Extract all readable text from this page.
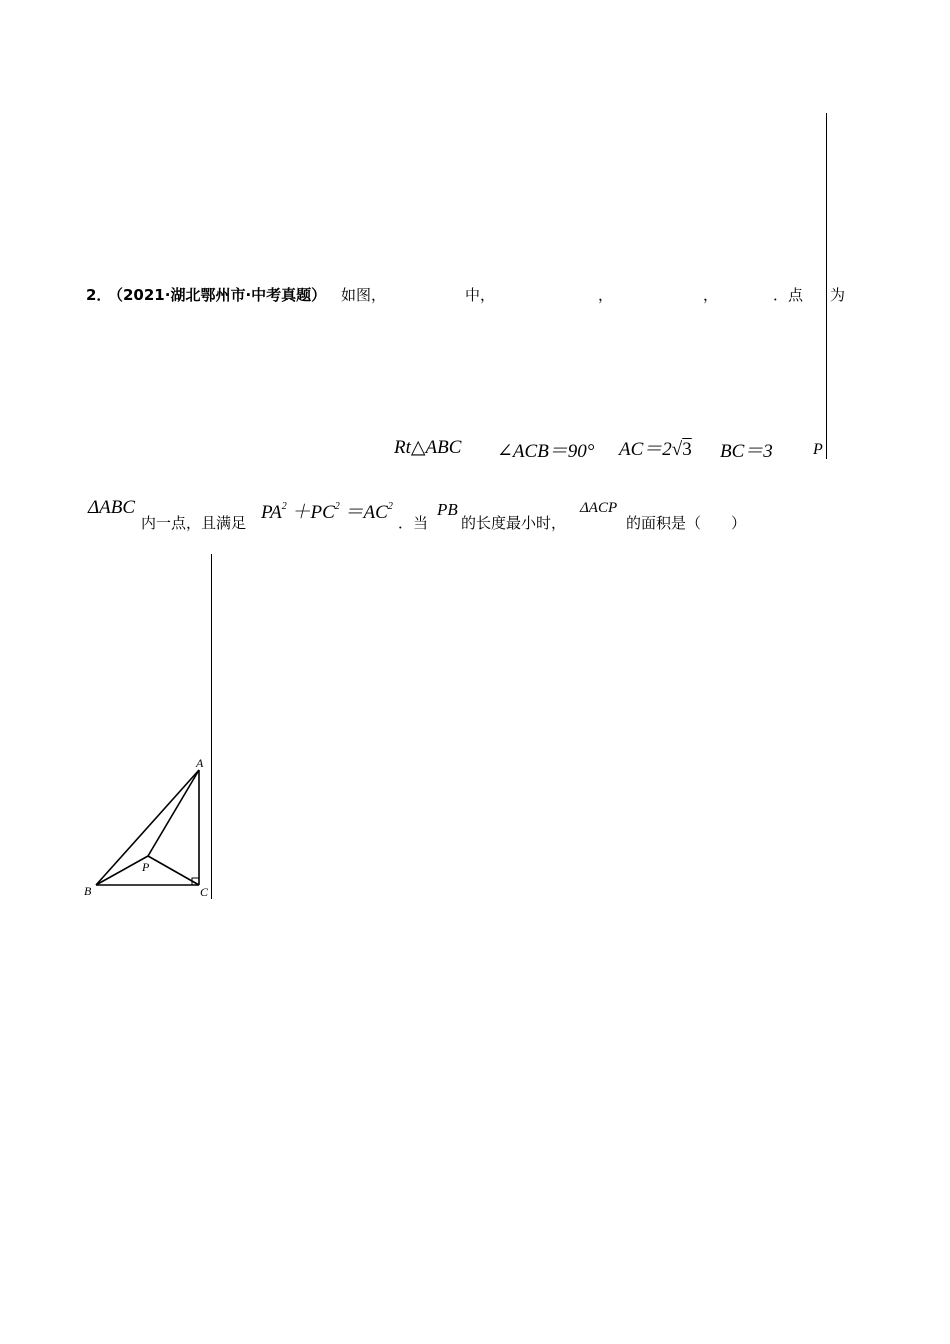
2．
（2021·湖北鄂州市·中考真题） 如图，	中，	，	，	．点 为
Rt△ABC ∠ACB＝90° AC＝2√3 BC＝3	P
ΔABC
内一点，且满足 $PA^2 +PC^2 =AC^2$
．当
PB
的长度最小时，
ΔACP
的面积是（　　）
A
B	C
P
